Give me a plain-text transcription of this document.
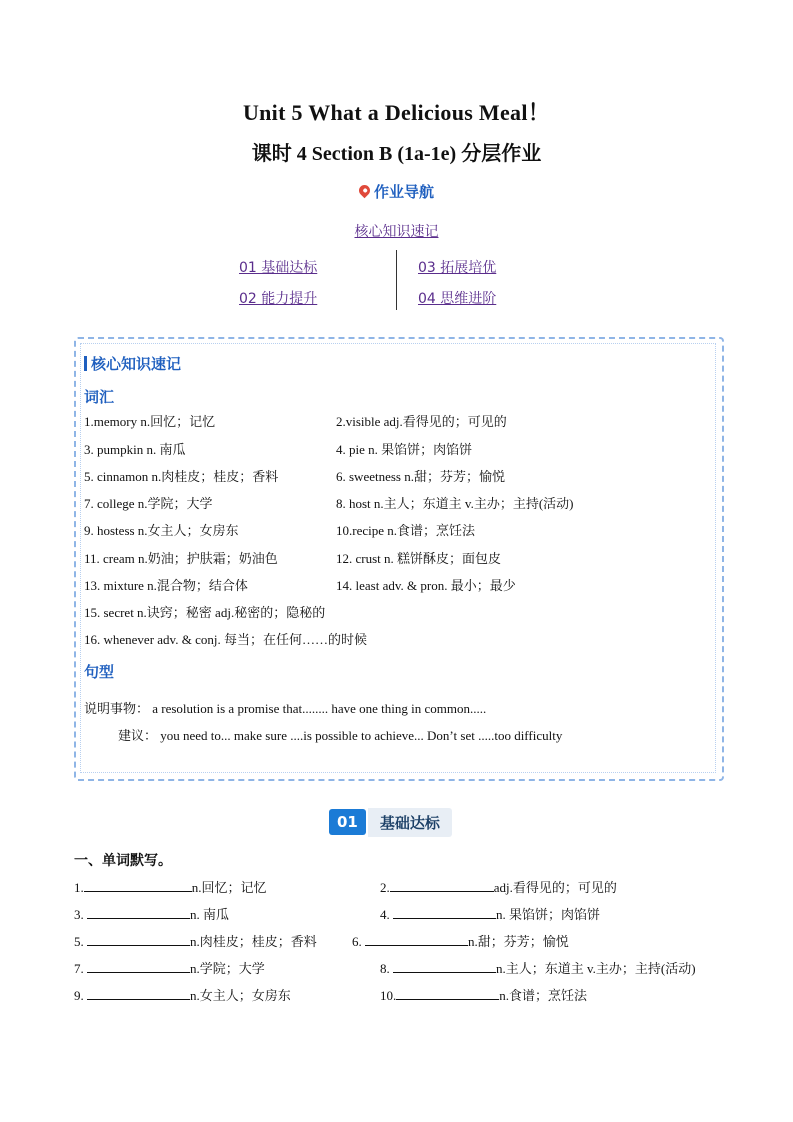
Unit 5 What a Delicious Meal！
课时 4 Section B (1a-1e) 分层作业
作业导航
核心知识速记
01 基础达标	03 拓展培优
02 能力提升	04 思维进阶
核心知识速记
词汇
1.memory n.回忆；记忆	2.visible adj.看得见的；可见的
3. pumpkin n. 南瓜	4. pie n. 果馅饼；肉馅饼
5. cinnamon n.肉桂皮；桂皮；香料	6. sweetness n.甜；芬芳；愉悦
7. college n.学院；大学	8. host n.主人；东道主 v.主办；主持(活动)
9. hostess n.女主人；女房东	10.recipe n.食谱；烹饪法
11. cream n.奶油；护肤霜；奶油色	12. crust n. 糕饼酥皮；面包皮
13. mixture n.混合物；结合体	14. least adv. & pron. 最小；最少
15. secret n.诀窍；秘密 adj.秘密的；隐秘的
16. whenever adv. & conj. 每当；在任何……的时候
句型
说明事物： a resolution is a promise that........ have one thing in common.....
建议： you need to... make sure ....is possible to achieve... Don’t set .....too difficulty
01	基础达标
一、单词默写。
1.	n.回忆；记忆	2.	adj.看得见的；可见的
3.	n. 南瓜	4.	n. 果馅饼；肉馅饼
5.	n.肉桂皮；桂皮；香料	6.	n.甜；芬芳；愉悦
7.	n.学院；大学	8.	n.主人；东道主 v.主办；主持(活动)
9.	n.女主人；女房东	10.	n.食谱；烹饪法
